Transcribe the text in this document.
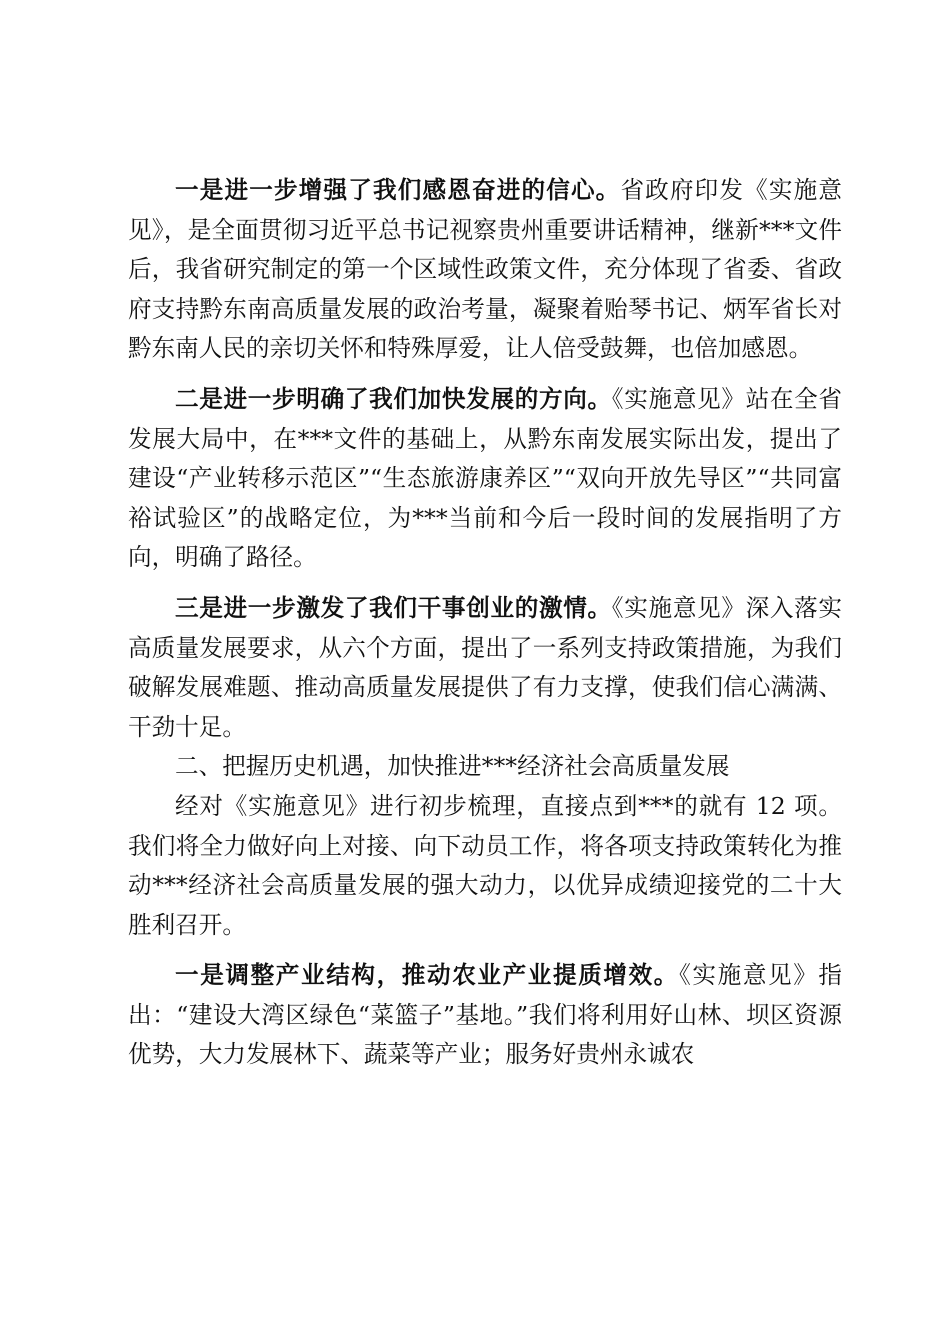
一是进一步增强了我们感恩奋进的信心。省政府印发《实施意见》，是全面贯彻习近平总书记视察贵州重要讲话精神，继新***文件后，我省研究制定的第一个区域性政策文件，充分体现了省委、省政府支持黔东南高质量发展的政治考量，凝聚着贻琴书记、炳军省长对黔东南人民的亲切关怀和特殊厚爱，让人倍受鼓舞，也倍加感恩。

二是进一步明确了我们加快发展的方向。《实施意见》站在全省发展大局中，在***文件的基础上，从黔东南发展实际出发，提出了建设“产业转移示范区”“生态旅游康养区”“双向开放先导区”“共同富裕试验区”的战略定位，为***当前和今后一段时间的发展指明了方向，明确了路径。

三是进一步激发了我们干事创业的激情。《实施意见》深入落实高质量发展要求，从六个方面，提出了一系列支持政策措施，为我们破解发展难题、推动高质量发展提供了有力支撑，使我们信心满满、干劲十足。

二、把握历史机遇，加快推进***经济社会高质量发展

经对《实施意见》进行初步梳理，直接点到***的就有 12 项。我们将全力做好向上对接、向下动员工作，将各项支持政策转化为推动***经济社会高质量发展的强大动力，以优异成绩迎接党的二十大胜利召开。

一是调整产业结构，推动农业产业提质增效。《实施意见》指出：“建设大湾区绿色“菜篮子”基地。”我们将利用好山林、坝区资源优势，大力发展林下、蔬菜等产业；服务好贵州永诚农
